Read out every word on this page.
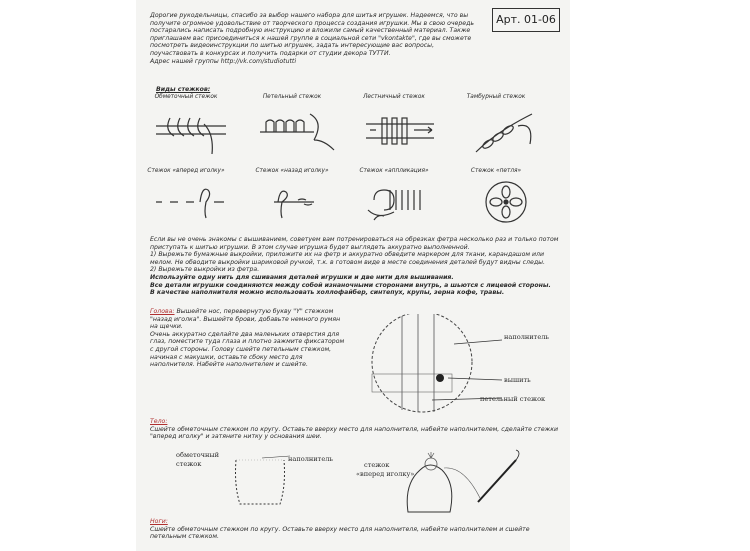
Дорогие рукодельницы, спасибо за выбор нашего набора для шитья игрушек. Надеемся, что вы получите огромное удовольствие от творческого процесса создания игрушки. Мы в свою очередь постарались написать подробную инструкцию и вложили самый качественный материал. Также приглашаем вас присоединиться к нашей группе в социальной сети "vkontakte", где вы сможете посмотреть видеоинструкции по шитью игрушек, задать интересующие вас вопросы, поучаствовать в конкурсах и получить подарки от студии декора ТУТТИ.
Адрес нашей группы http://vk.com/studiotutti
Арт. 01-06
Виды стежков:
Обметочный стежок	Петельный стежок	Лестничный стежок	Тамбурный стежок
Стежок «вперед иголку»	Стежок «назад иголку»	Стежок «аппликация»	Стежок «петля»
Если вы не очень знакомы с вышиванием, советуем вам потренироваться на обрезках фетра несколько раз и только потом приступать к шитью игрушки. В этом случае игрушка будет выглядеть аккуратно выполненной.
1) Вырежьте бумажные выкройки, приложите их на фетр и аккуратно обведите маркером для ткани, карандашом или мелом. Не обводите выкройки шариковой ручкой, т.к. в готовом виде в месте соединения деталей будут видны следы.
2) Вырежьте выкройки из фетра.
Используйте одну нить для сшивания деталей игрушки и две нити для вышивания.
Все детали игрушки соединяются между собой изнаночными сторонами внутрь, а шьются с лицевой стороны.
В качестве наполнителя можно использовать холлофайбер, синтепух, крупы, зерна кофе, травы.
Голова: Вышейте нос, перевернутую букву "Y" стежком "назад иголка". Вышейте брови, добавьте немного румян на щечки.
Очень аккуратно сделайте два маленьких отверстия для глаз, поместите туда глаза и плотно зажмите фиксатором с другой стороны. Голову сшейте петельным стежком, начиная с макушки, оставьте сбоку место для наполнителя. Набейте наполнителем и сшейте.
наполнитель
вышить
петельный стежок
Тело:
Сшейте обметочным стежком по кругу. Оставьте вверху место для наполнителя, набейте наполнителем, сделайте стежки "вперед иголку" и затяните нитку у основания шеи.
обметочный
стежок
наполнитель
стежок
«вперед иголку»
Ноги:
Сшейте обметочным стежком по кругу. Оставьте вверху место для наполнителя, набейте наполнителем и сшейте петельным стежком.
